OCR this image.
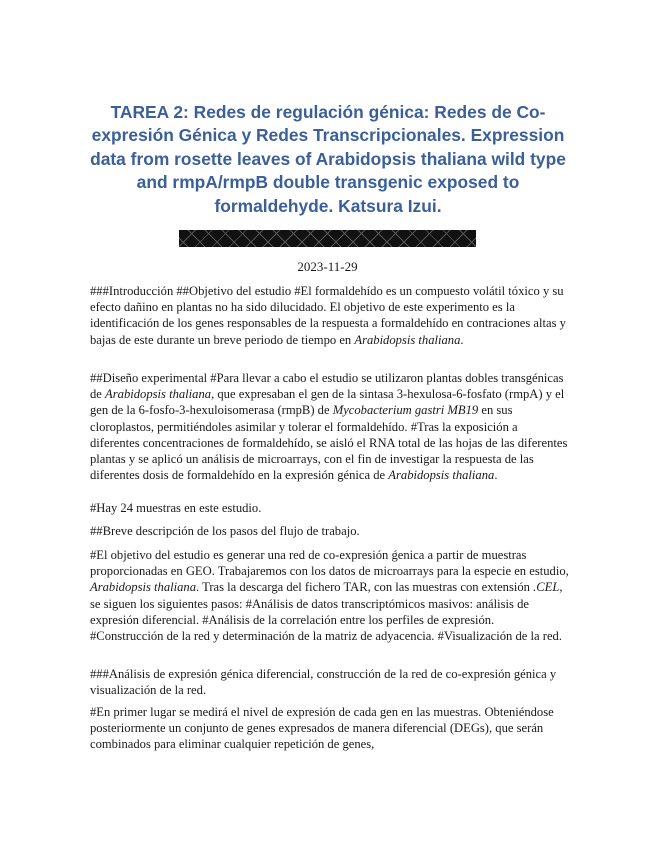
TAREA 2: Redes de regulación génica: Redes de Co-expresión Génica y Redes Transcripcionales. Expression data from rosette leaves of Arabidopsis thaliana wild type and rmpA/rmpB double transgenic exposed to formaldehyde. Katsura Izui.
2023-11-29

###Introducción ##Objetivo del estudio #El formaldehído es un compuesto volátil tóxico y su efecto dañino en plantas no ha sido dilucidado. El objetivo de este experimento es la identificación de los genes responsables de la respuesta a formaldehído en contraciones altas y bajas de este durante un breve periodo de tiempo en Arabidopsis thaliana.

##Diseño experimental #Para llevar a cabo el estudio se utilizaron plantas dobles transgénicas de Arabidopsis thaliana, que expresaban el gen de la sintasa 3-hexulosa-6-fosfato (rmpA) y el gen de la 6-fosfo-3-hexuloisomerasa (rmpB) de Mycobacterium gastri MB19 en sus cloroplastos, permitiéndoles asimilar y tolerar el formaldehído. #Tras la exposición a diferentes concentraciones de formaldehído, se aisló el RNA total de las hojas de las diferentes plantas y se aplicó un análisis de microarrays, con el fin de investigar la respuesta de las diferentes dosis de formaldehído en la expresión génica de Arabidopsis thaliana.

#Hay 24 muestras en este estudio.

##Breve descripción de los pasos del flujo de trabajo.

#El objetivo del estudio es generar una red de co-expresión ǵenica a partir de muestras proporcionadas en GEO. Trabajaremos con los datos de microarrays para la especie en estudio, Arabidopsis thaliana. Tras la descarga del fichero TAR, con las muestras con extensión .CEL, se siguen los siguientes pasos: #Análisis de datos transcriptómicos masivos: análisis de expresión diferencial. #Análisis de la correlación entre los perfiles de expresión. #Construcción de la red y determinación de la matriz de adyacencia. #Visualización de la red.

###Análisis de expresión génica diferencial, construcción de la red de co-expresión génica y visualización de la red.

#En primer lugar se medirá el nivel de expresión de cada gen en las muestras. Obteniéndose posteriormente un conjunto de genes expresados de manera diferencial (DEGs), que serán combinados para eliminar cualquier repetición de genes,
